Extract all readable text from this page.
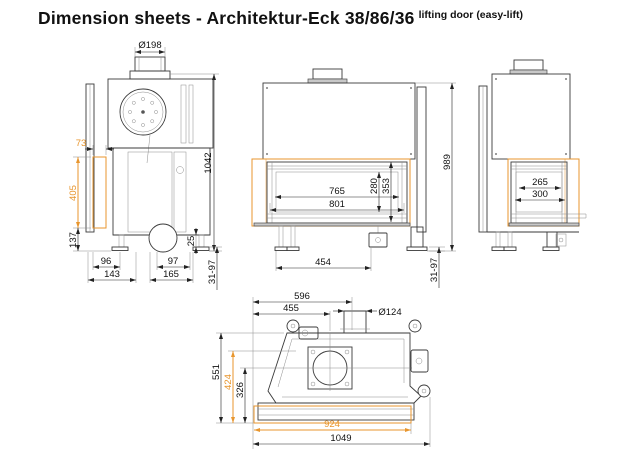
Dimension sheets - Architektur-Eck 38/86/36 $^{lifting door (easy-lift)}$
Ø198
1042
73
405
137
96
143
97
165
25
31-97
765
801
280 353
454
989
31-97
265
300
596
455	Ø124
551
424
326
924
1049
